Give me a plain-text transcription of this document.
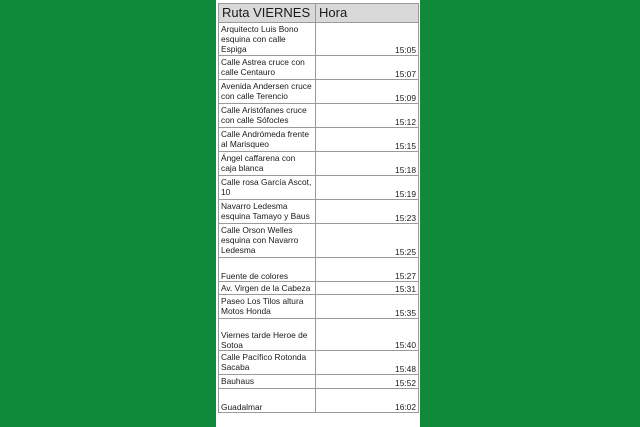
Ruta VIERNES	Hora
Arquitecto Luis Bono esquina con calle Espiga	15:05
Calle Astrea cruce con calle Centauro	15:07
Avenida Andersen cruce con calle Terencio	15:09
Calle Aristófanes cruce con calle Sófocles	15:12
Calle Andrómeda frente al Marisqueo	15:15
Ángel caffarena con caja blanca	15:18
Calle rosa García Ascot, 10	15:19
Navarro Ledesma esquina Tamayo y Baus	15:23
Calle Orson Welles esquina con Navarro Ledesma	15:25
Fuente de colores	15:27
Av. Virgen de la Cabeza	15:31
Paseo Los Tilos altura Motos Honda	15:35
Viernes tarde Heroe de Sotoa	15:40
Calle Pacífico Rotonda Sacaba	15:48
Bauhaus	15:52
Guadalmar	16:02
